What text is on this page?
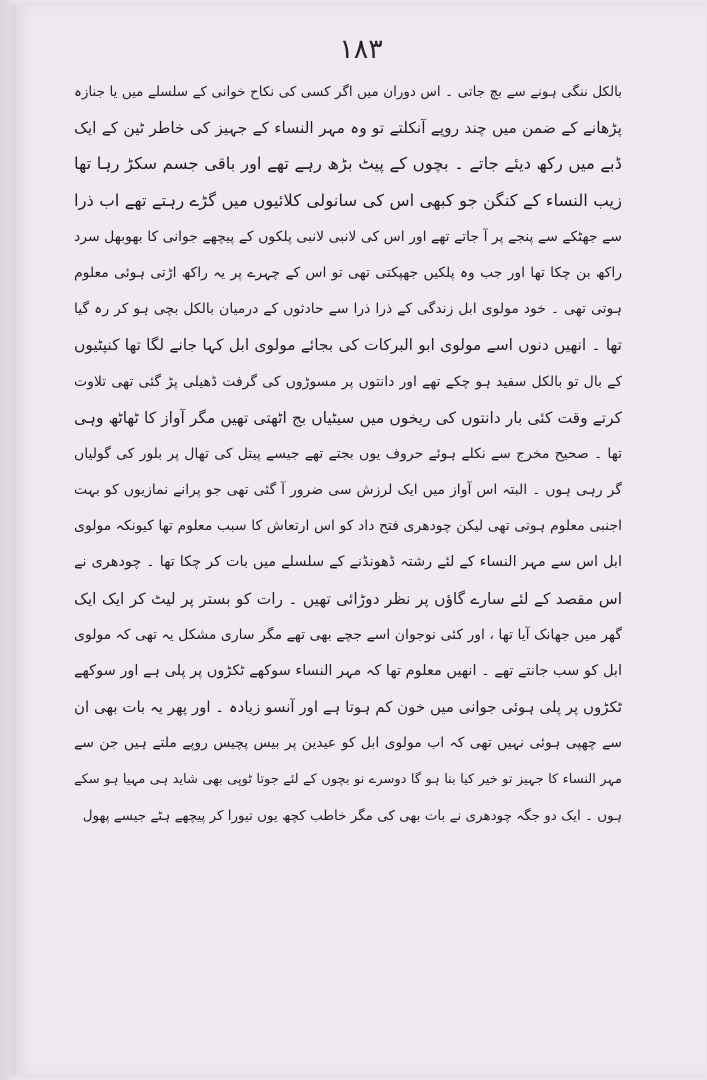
۱۸۳
بالکل ننگی ہونے سے بچ جاتی ۔ اس دوران میں اگر کسی کی نکاح خوانی کے سلسلے میں یا جنازہ
پڑھانے کے ضمن میں چند روپے آنکلتے تو وہ مہر النساء کے جہیز کی خاطر ٹین کے ایک
ڈبے میں رکھ دیئے جاتے ۔ بچوں کے پیٹ بڑھ رہے تھے اور باقی جسم سکڑ رہا تھا
زیب النساء کے کنگن جو کبھی اس کی سانولی کلائیوں میں گڑے رہتے تھے اب ذرا
سے جھٹکے سے پنجے پر آ جاتے تھے اور اس کی لانبی لانبی پلکوں کے پیچھے جوانی کا بھوبھل سرد
راکھ بن چکا تھا اور جب وہ پلکیں جھپکتی تھی تو اس کے چہرے پر یہ راکھ اڑتی ہوئی معلوم
ہوتی تھی ۔ خود مولوی ابل زندگی کے ذرا ذرا سے حادثوں کے درمیان بالکل بچی ہو کر رہ گیا
تھا ۔ انھیں دنوں اسے مولوی ابو البرکات کی بجائے مولوی ابل کہا جانے لگا تھا کنپٹیوں
کے بال تو بالکل سفید ہو چکے تھے اور دانتوں پر مسوڑوں کی گرفت ڈھیلی پڑ گئی تھی تلاوت
کرتے وقت کئی بار دانتوں کی ریخوں میں سیٹیاں بج اٹھتی تھیں مگر آواز کا ٹھاٹھ وہی
تھا ۔ صحیح مخرج سے نکلے ہوئے حروف یوں بجتے تھے جیسے پیتل کی تھال پر بلور کی گولیاں
گر رہی ہوں ۔ البتہ اس آواز میں ایک لرزش سی ضرور آ گئی تھی جو پرانے نمازیوں کو بہت
اجنبی معلوم ہوتی تھی لیکن چودھری فتح داد کو اس ارتعاش کا سبب معلوم تھا کیونکہ مولوی
ابل اس سے مہر النساء کے لئے رشتہ ڈھونڈنے کے سلسلے میں بات کر چکا تھا ۔ چودھری نے
اس مقصد کے لئے سارے گاؤں پر نظر دوڑائی تھیں ۔ رات کو بستر پر لیٹ کر ایک ایک
گھر میں جھانک آیا تھا ، اور کئی نوجوان اسے جچے بھی تھے مگر ساری مشکل یہ تھی کہ مولوی
ابل کو سب جانتے تھے ۔ انھیں معلوم تھا کہ مہر النساء سوکھے ٹکڑوں پر پلی ہے اور سوکھے
ٹکڑوں پر پلی ہوئی جوانی میں خون کم ہوتا ہے اور آنسو زیادہ ۔ اور پھر یہ بات بھی ان
سے چھپی ہوئی نہیں تھی کہ اب مولوی ابل کو عیدین پر بیس پچیس روپے ملتے ہیں جن سے
مہر النساء کا جہیز تو خیر کیا بنا ہو گا دوسرے نو بچوں کے لئے جوتا ٹوپی بھی شاید ہی مہیا ہو سکے
ہوں ۔ ایک دو جگہ چودھری نے بات بھی کی مگر خاطب کچھ یوں تیورا کر پیچھے ہٹے جیسے پھول
